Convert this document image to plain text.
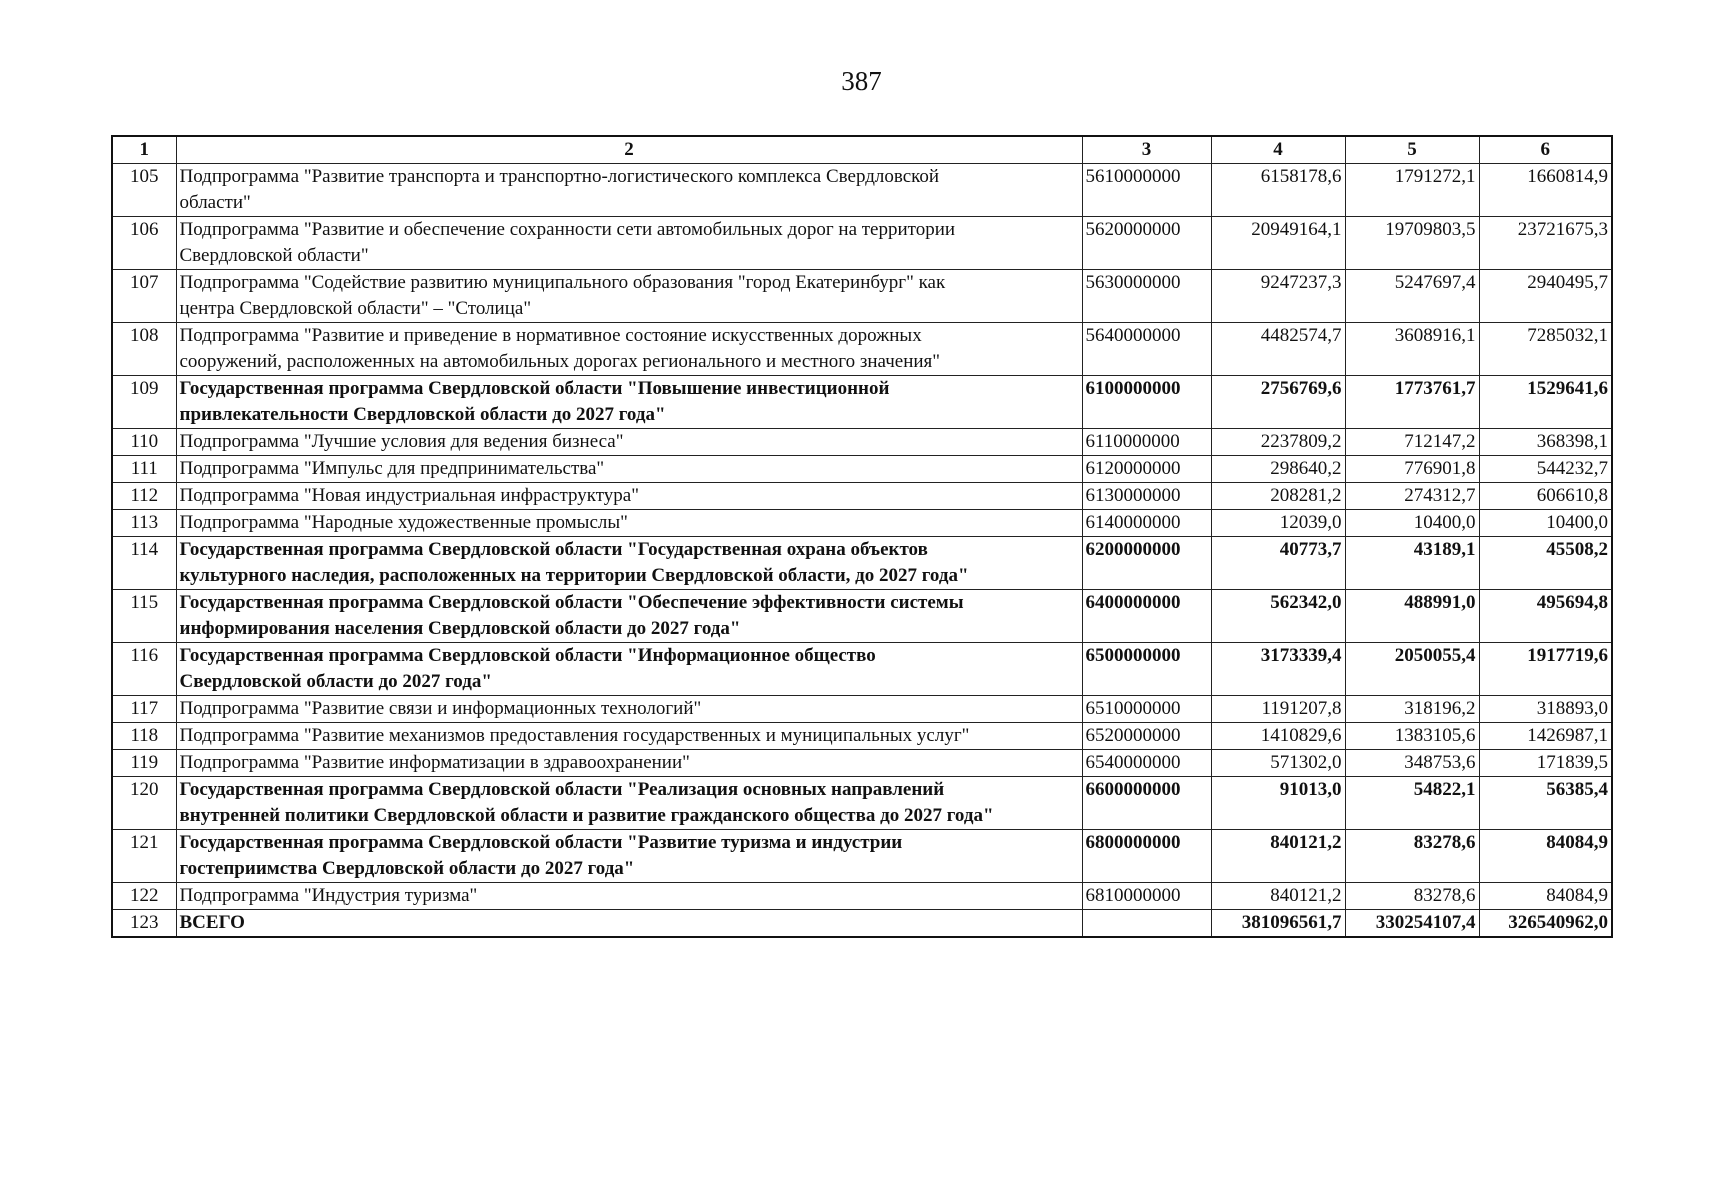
387
1	2	3	4	5	6
105	Подпрограмма "Развитие транспорта и транспортно-логистического комплекса Свердловской
области"	5610000000	6158178,6	1791272,1	1660814,9
106	Подпрограмма "Развитие и обеспечение сохранности сети автомобильных дорог на территории
Свердловской области"	5620000000	20949164,1	19709803,5	23721675,3
107	Подпрограмма "Содействие развитию муниципального образования "город Екатеринбург" как
центра Свердловской области" – "Столица"	5630000000	9247237,3	5247697,4	2940495,7
108	Подпрограмма "Развитие и приведение в нормативное состояние искусственных дорожных
сооружений, расположенных на автомобильных дорогах регионального и местного значения"	5640000000	4482574,7	3608916,1	7285032,1
109	Государственная программа Свердловской области "Повышение инвестиционной
привлекательности Свердловской области до 2027 года"	6100000000	2756769,6	1773761,7	1529641,6
110	Подпрограмма "Лучшие условия для ведения бизнеса"	6110000000	2237809,2	712147,2	368398,1
111	Подпрограмма "Импульс для предпринимательства"	6120000000	298640,2	776901,8	544232,7
112	Подпрограмма "Новая индустриальная инфраструктура"	6130000000	208281,2	274312,7	606610,8
113	Подпрограмма "Народные художественные промыслы"	6140000000	12039,0	10400,0	10400,0
114	Государственная программа Свердловской области "Государственная охрана объектов
культурного наследия, расположенных на территории Свердловской области, до 2027 года"	6200000000	40773,7	43189,1	45508,2
115	Государственная программа Свердловской области "Обеспечение эффективности системы
информирования населения Свердловской области до 2027 года"	6400000000	562342,0	488991,0	495694,8
116	Государственная программа Свердловской области "Информационное общество
Свердловской области до 2027 года"	6500000000	3173339,4	2050055,4	1917719,6
117	Подпрограмма "Развитие связи и информационных технологий"	6510000000	1191207,8	318196,2	318893,0
118	Подпрограмма "Развитие механизмов предоставления государственных и муниципальных услуг"	6520000000	1410829,6	1383105,6	1426987,1
119	Подпрограмма "Развитие информатизации в здравоохранении"	6540000000	571302,0	348753,6	171839,5
120	Государственная программа Свердловской области "Реализация основных направлений
внутренней политики Свердловской области и развитие гражданского общества до 2027 года"	6600000000	91013,0	54822,1	56385,4
121	Государственная программа Свердловской области "Развитие туризма и индустрии
гостеприимства Свердловской области до 2027 года"	6800000000	840121,2	83278,6	84084,9
122	Подпрограмма "Индустрия туризма"	6810000000	840121,2	83278,6	84084,9
123	ВСЕГО		381096561,7	330254107,4	326540962,0
